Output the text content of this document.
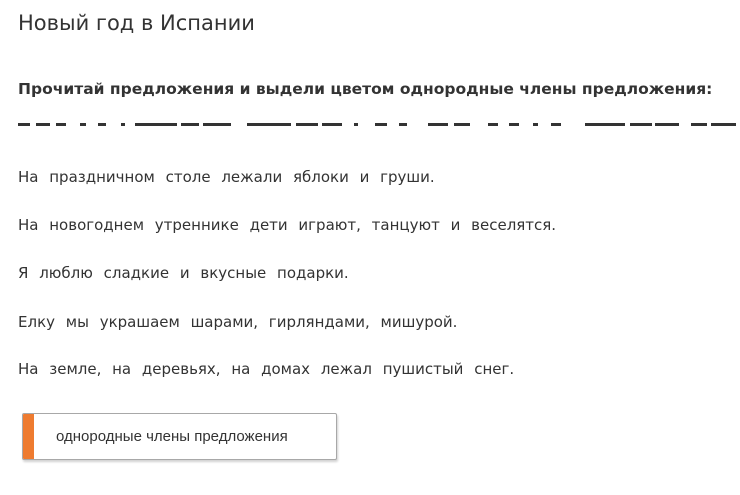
Новый год в Испании
Прочитай предложения и выдели цветом однородные члены предложения:
На праздничном столе лежали яблоки и груши.
На новогоднем утреннике дети играют, танцуют и веселятся.
Я люблю сладкие и вкусные подарки.
Елку мы украшаем шарами, гирляндами, мишурой.
На земле, на деревьях, на домах лежал пушистый снег.
однородные члены предложения
